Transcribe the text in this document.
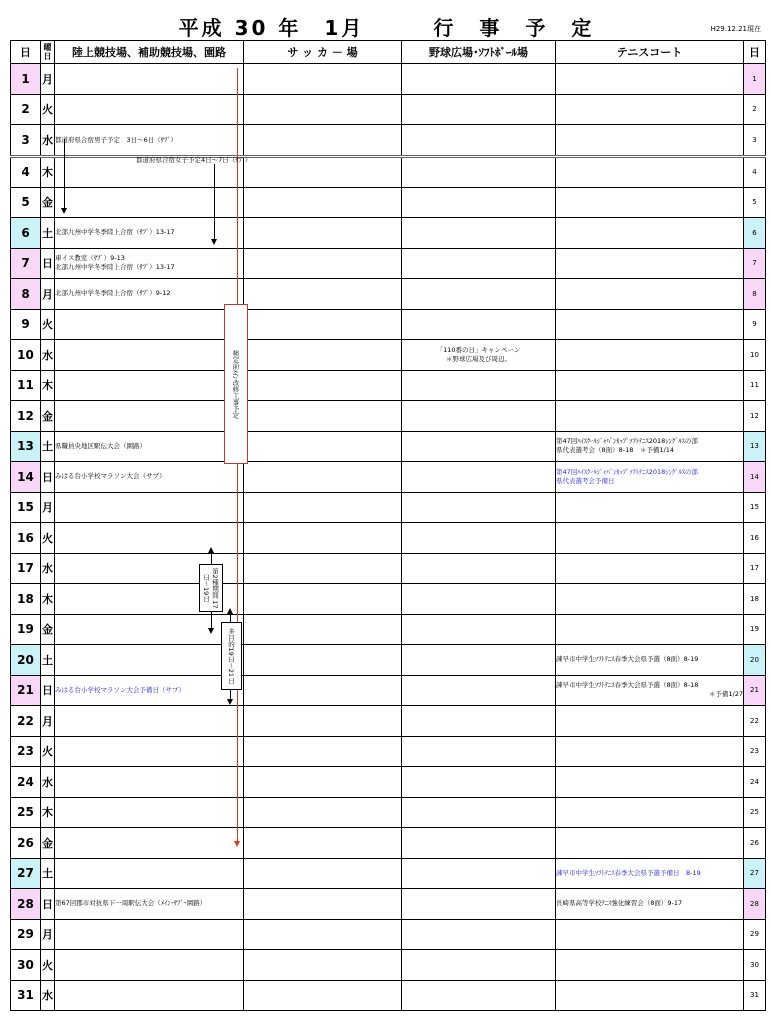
平成 30 年　1月　　　行　事　予　定	H29.12.21現在
日	曜日	陸上競技場、補助競技場、園路	サ ッ カ － 場	野球広場･ｿﾌﾄﾎﾞｰﾙ場	テニスコート	日
1	月					1
2	火					2
3	水	都道府県合宿男子予定　3日～6日（ｻﾌﾞ）				3
4	木					4
5	金					5
6	土	北部九州中学冬季陸上合宿（ｻﾌﾞ）13-17				6
7	日	車イス教室（ｻﾌﾞ）9-13
北部九州中学冬季陸上合宿（ｻﾌﾞ）13-17				7
8	月	北部九州中学冬季陸上合宿（ｻﾌﾞ）9-12				8
9	火					9
10	水			「110番の日」キャンペーン
＊野球広場及び周辺。		10
11	木					11
12	金					12
13	土	県職員央地区駅伝大会（園路）			第47回ﾊｲｽｸｰﾙｼﾞｬﾊﾟﾝｶｯﾌﾟｿﾌﾄﾃﾆｽ2018ｼﾝｸﾞﾙｽの部
県代表選考会（8面）8-18　＊予備1/14	13
14	日	みはる台小学校マラソン大会（サブ）			第47回ﾊｲｽｸｰﾙｼﾞｬﾊﾟﾝｶｯﾌﾟｿﾌﾄﾃﾆｽ2018ｼﾝｸﾞﾙｽの部
県代表選考会予備日	14
15	月					15
16	火					16
17	水					17
18	木					18
19	金					19
20	土				諫早市中学生ｿﾌﾄﾃﾆｽ春季大会県予選（8面）8-19	20
21	日	みはる台小学校マラソン大会予備日（サブ）			諫早市中学生ｿﾌﾄﾃﾆｽ春季大会県予選（8面）8-18
＊予備1/27	21
22	月					22
23	火					23
24	水					24
25	木					25
26	金					26
27	土				諫早市中学生ｿﾌﾄﾃﾆｽ春季大会県予選予備日　8-19	27
28	日	第67回郡市対抗県下一周駅伝大会（ﾒｲﾝ･ｻﾌﾞ･園路）			長崎県高等学校ﾃﾆｽ強化練習会（8面）9-17	28
29	月					29
30	火					30
31	水					31
検定前ﾒｲﾝ改修工事予定
都道府県合宿女子予定4日～7日（ｻﾌﾞ）
第2種期間 17日～19日
多目的19日～21日
